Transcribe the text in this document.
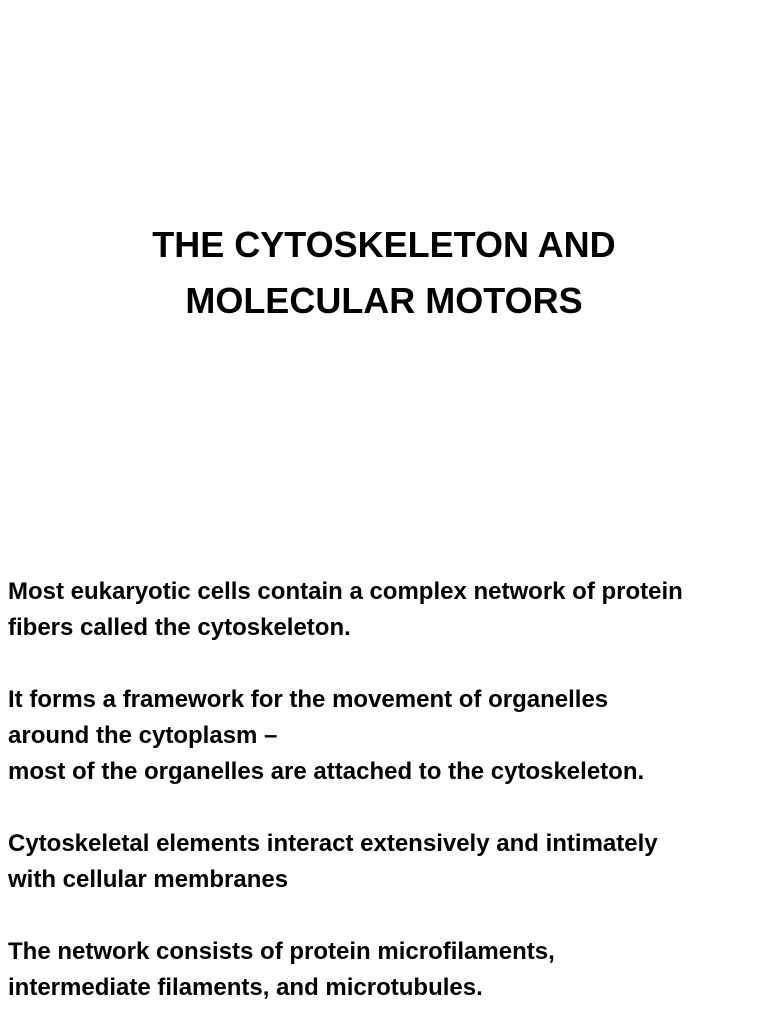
THE CYTOSKELETON AND
MOLECULAR MOTORS

Most eukaryotic cells contain a complex network of protein
fibers called the cytoskeleton.

It forms a framework for the movement of organelles
around the cytoplasm –
most of the organelles are attached to the cytoskeleton.

Cytoskeletal elements interact extensively and intimately
with cellular membranes

The network consists of protein microfilaments,
intermediate filaments, and microtubules.
